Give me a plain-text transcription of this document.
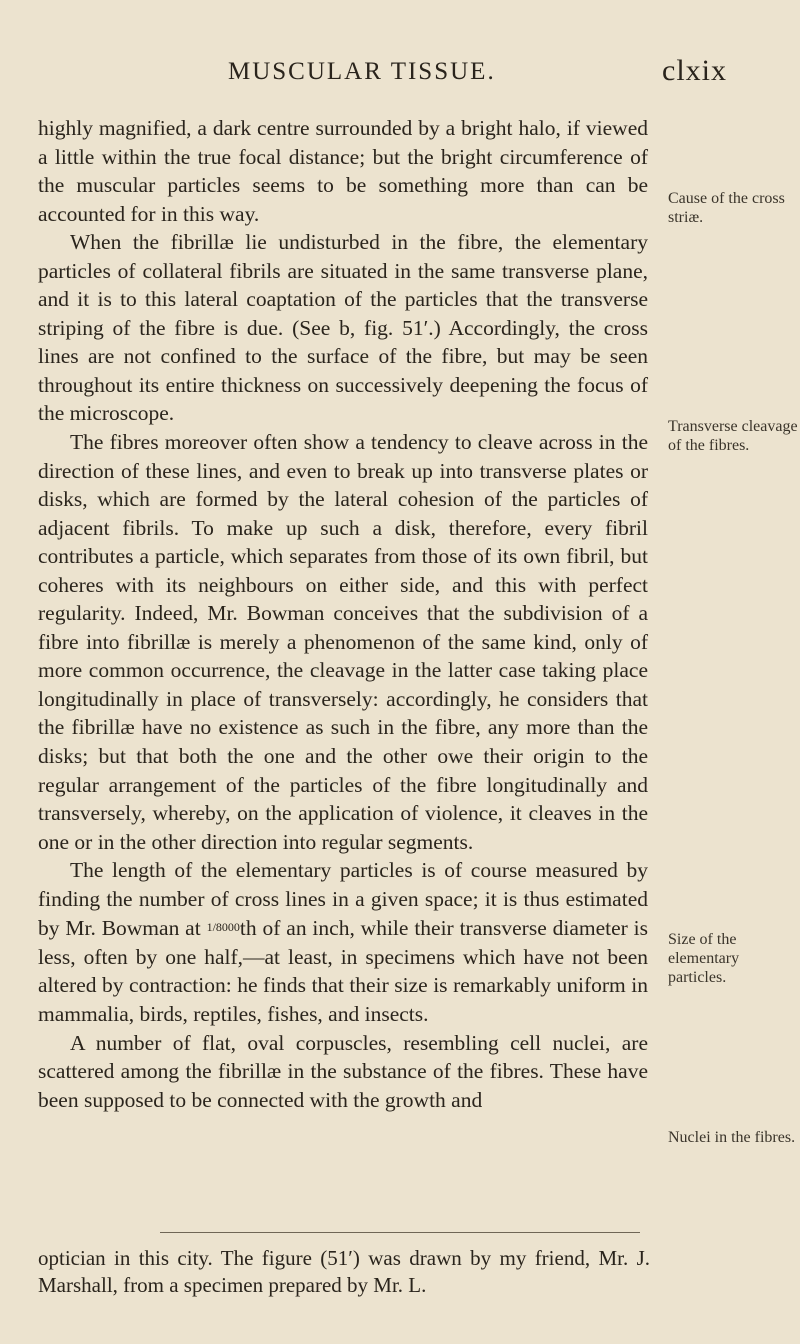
MUSCULAR TISSUE.	clxix

highly magnified, a dark centre surrounded by a bright halo, if viewed a little within the true focal distance; but the bright circumference of the muscular particles seems to be something more than can be accounted for in this way.

When the fibrillæ lie undisturbed in the fibre, the elementary particles of collateral fibrils are situated in the same transverse plane, and it is to this lateral coaptation of the particles that the transverse striping of the fibre is due. (See b, fig. 51′.) Accordingly, the cross lines are not confined to the surface of the fibre, but may be seen throughout its entire thickness on successively deepening the focus of the microscope.

The fibres moreover often show a tendency to cleave across in the direction of these lines, and even to break up into transverse plates or disks, which are formed by the lateral cohesion of the particles of adjacent fibrils. To make up such a disk, therefore, every fibril contributes a particle, which separates from those of its own fibril, but coheres with its neighbours on either side, and this with perfect regularity. Indeed, Mr. Bowman conceives that the subdivision of a fibre into fibrillæ is merely a phenomenon of the same kind, only of more common occurrence, the cleavage in the latter case taking place longitudinally in place of transversely: accordingly, he considers that the fibrillæ have no existence as such in the fibre, any more than the disks; but that both the one and the other owe their origin to the regular arrangement of the particles of the fibre longitudinally and transversely, whereby, on the application of violence, it cleaves in the one or in the other direction into regular segments.

The length of the elementary particles is of course measured by finding the number of cross lines in a given space; it is thus estimated by Mr. Bowman at 1/8000th of an inch, while their transverse diameter is less, often by one half,—at least, in specimens which have not been altered by contraction: he finds that their size is remarkably uniform in mammalia, birds, reptiles, fishes, and insects.

A number of flat, oval corpuscles, resembling cell nuclei, are scattered among the fibrillæ in the substance of the fibres. These have been supposed to be connected with the growth and

Cause of the cross striæ.
Transverse cleavage of the fibres.
Size of the elementary particles.
Nuclei in the fibres.

optician in this city. The figure (51′) was drawn by my friend, Mr. J. Marshall, from a specimen prepared by Mr. L.
